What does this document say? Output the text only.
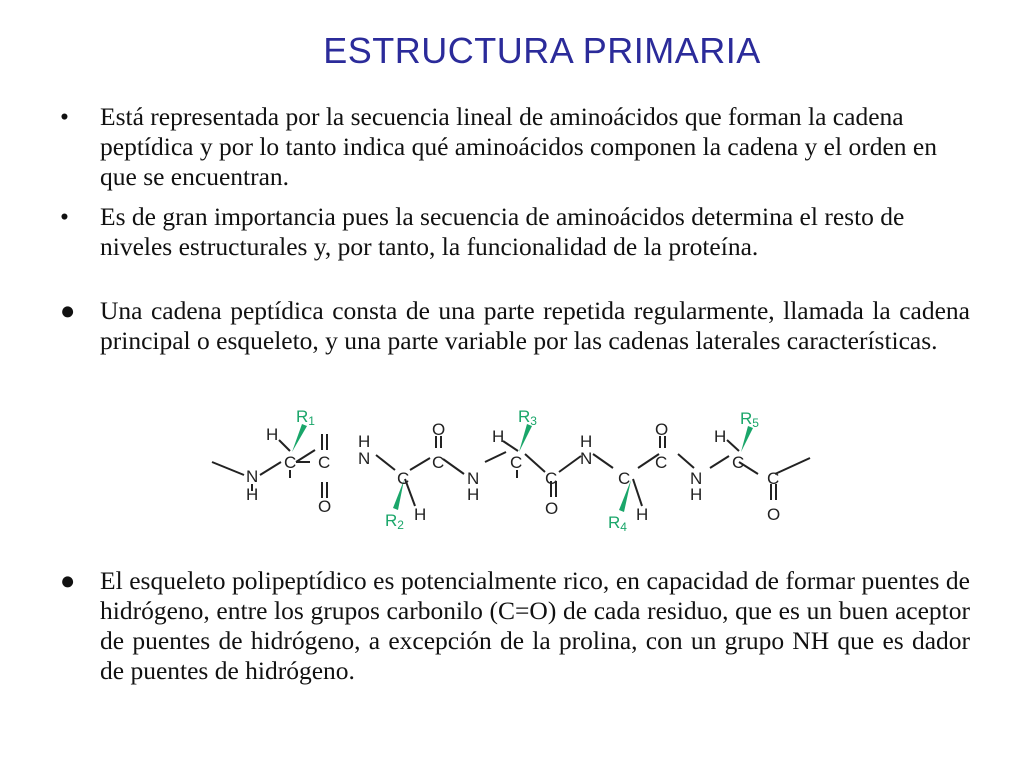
ESTRUCTURA PRIMARIA
•	Está representada por la secuencia lineal de aminoácidos que forman la cadena peptídica y por lo tanto indica qué aminoácidos componen la cadena y el orden en que se encuentran.
•	Es de gran importancia pues la secuencia de aminoácidos determina el resto de niveles estructurales y, por tanto, la funcionalidad de la proteína.
● Una cadena peptídica consta de una parte repetida regularmente, llamada la cadena principal o esqueleto, y una parte variable por las cadenas laterales características.
● El esqueleto polipeptídico es potencialmente rico, en capacidad de formar puentes de hidrógeno, entre los grupos carbonilo (C=O) de cada residuo, que es un buen aceptor de puentes de hidrógeno, a excepción de la prolina, con un grupo NH que es dador de puentes de hidrógeno.
N
H
C
H
C
O
H
N
C
H
C
O
N
H
C
H
C
O
H
N
C
H
C
O
N
H
C
H
C
O
R1
R2
R3
R4
R5
